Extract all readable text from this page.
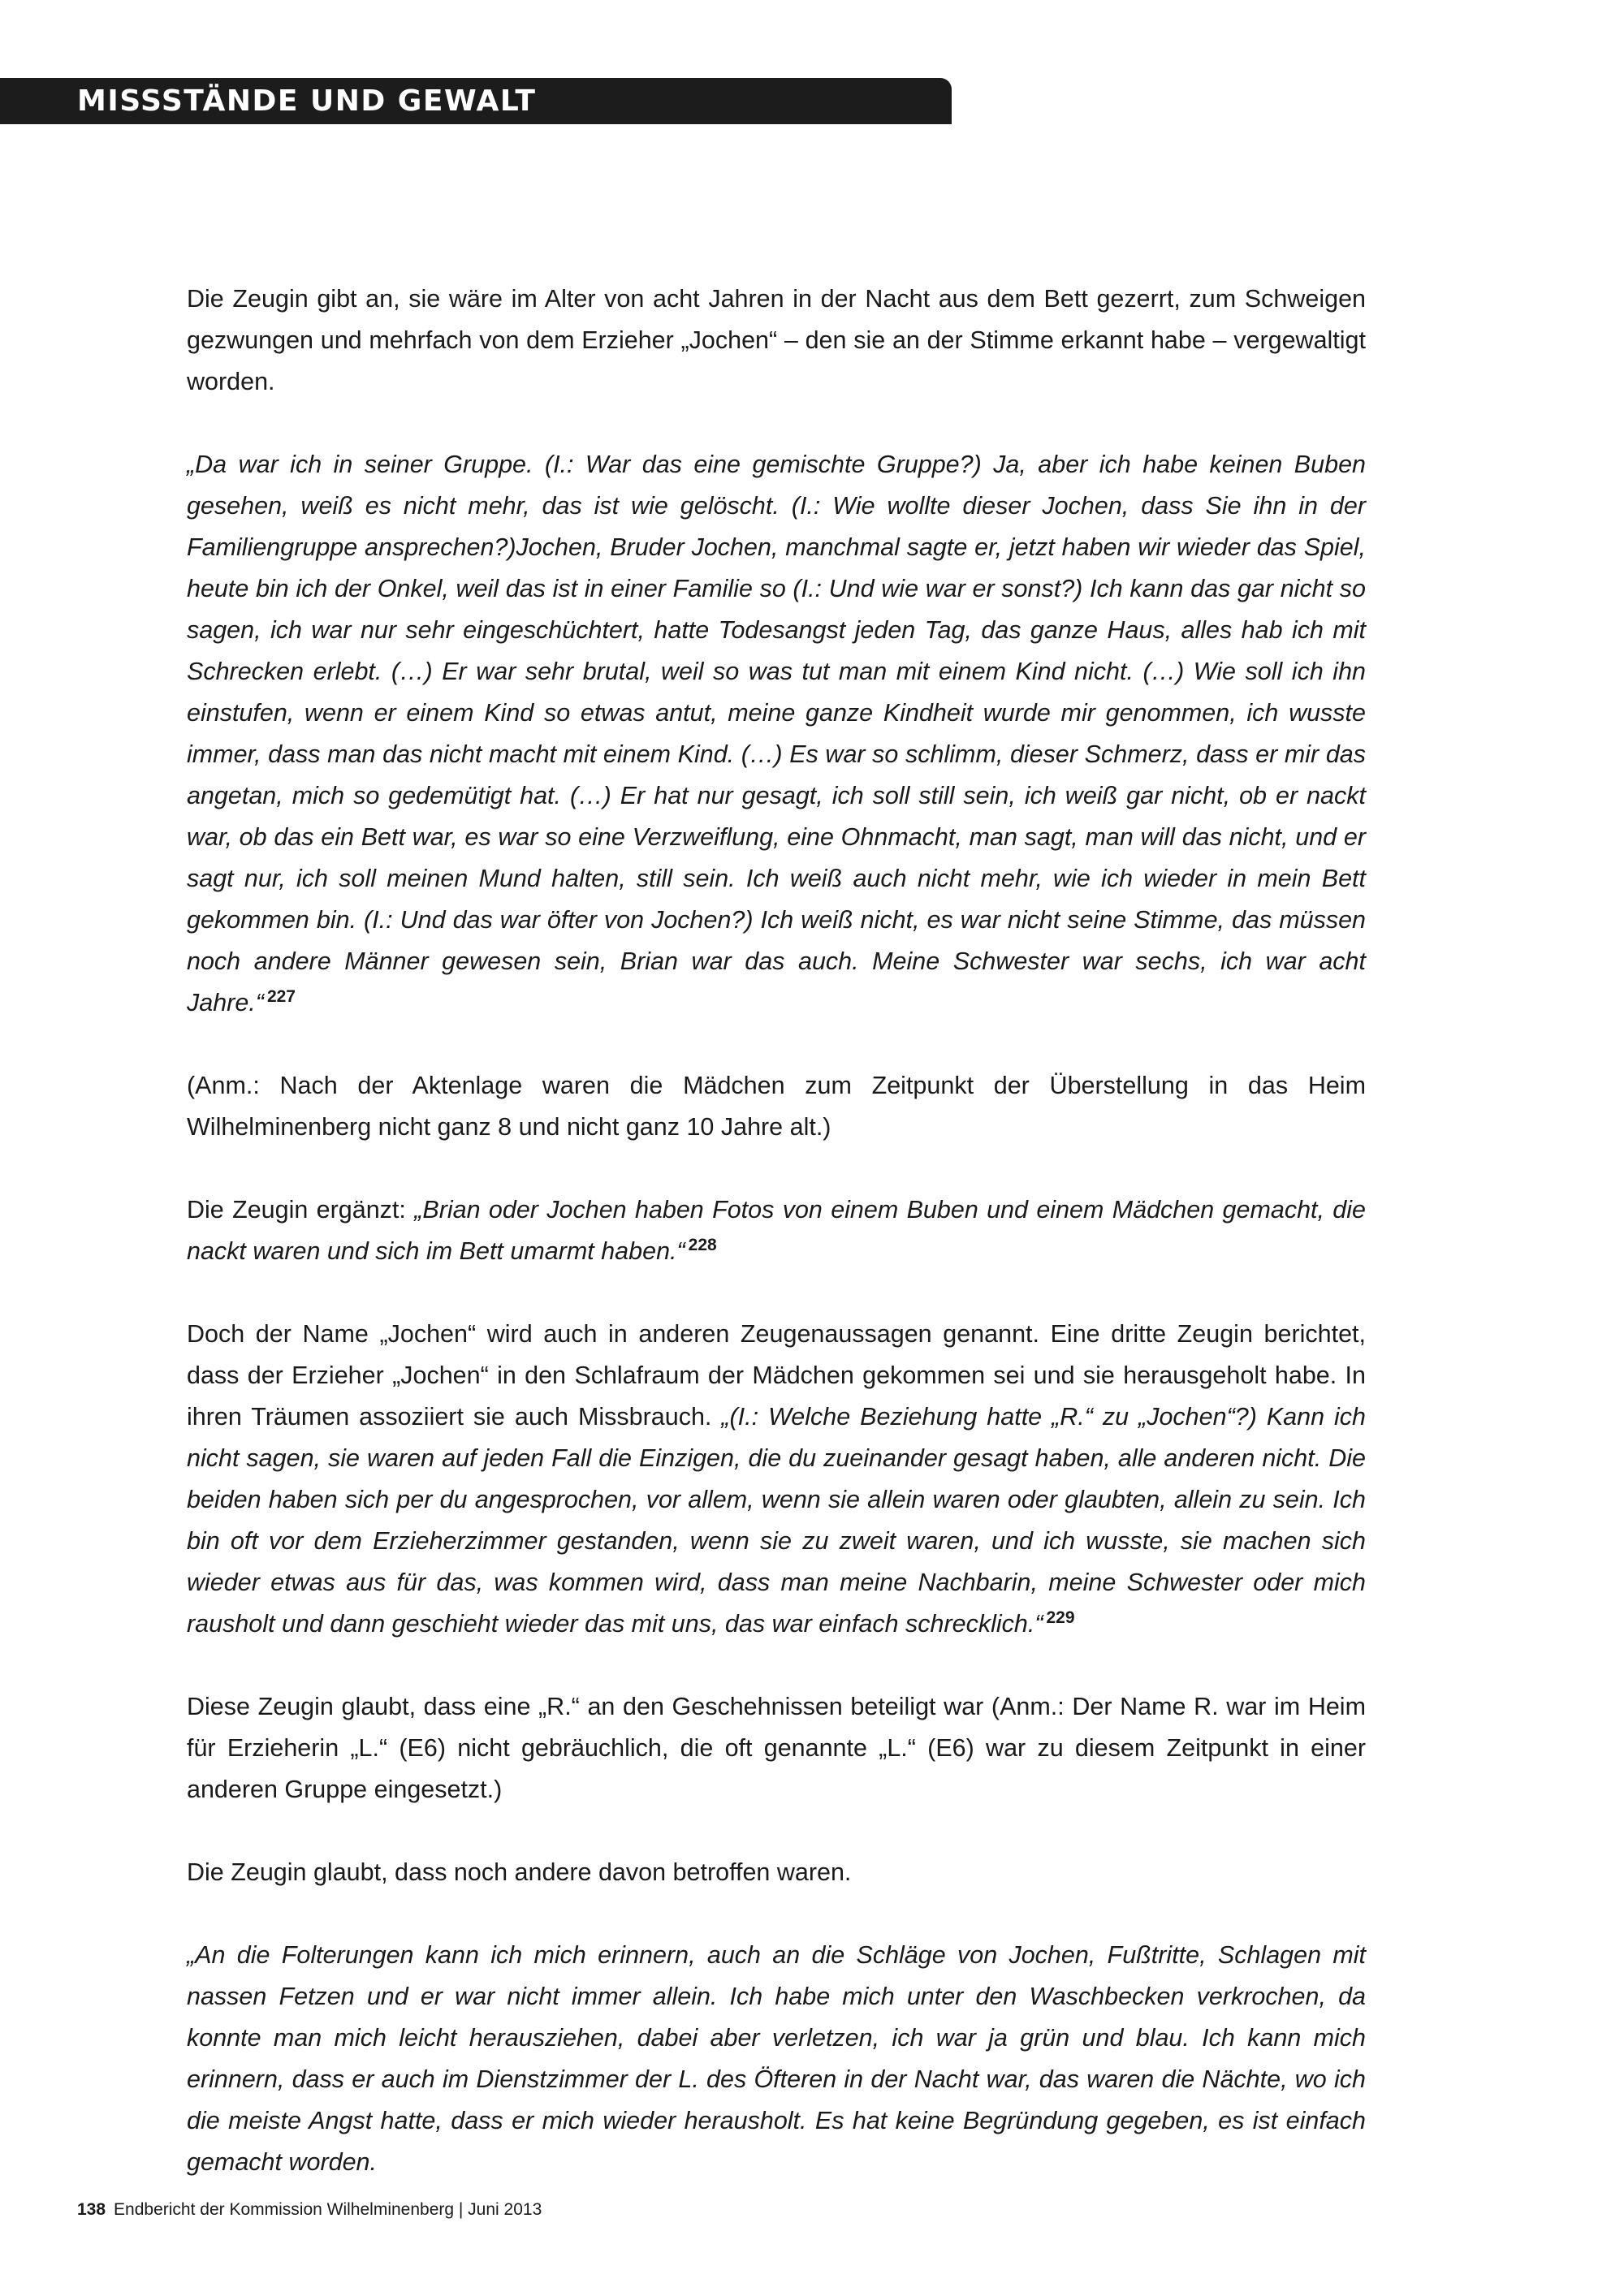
MISSSTÄNDE UND GEWALT

Die Zeugin gibt an, sie wäre im Alter von acht Jahren in der Nacht aus dem Bett gezerrt, zum Schweigen gezwungen und mehrfach von dem Erzieher „Jochen“ – den sie an der Stimme erkannt habe – vergewaltigt worden.

„Da war ich in seiner Gruppe. (I.: War das eine gemischte Gruppe?) Ja, aber ich habe keinen Buben gesehen, weiß es nicht mehr, das ist wie gelöscht. (I.: Wie wollte dieser Jochen, dass Sie ihn in der Familiengruppe ansprechen?)Jochen, Bruder Jochen, manchmal sagte er, jetzt haben wir wieder das Spiel, heute bin ich der Onkel, weil das ist in einer Familie so (I.: Und wie war er sonst?) Ich kann das gar nicht so sagen, ich war nur sehr eingeschüchtert, hatte Todesangst jeden Tag, das ganze Haus, alles hab ich mit Schrecken erlebt. (…) Er war sehr brutal, weil so was tut man mit einem Kind nicht. (…) Wie soll ich ihn einstufen, wenn er einem Kind so etwas antut, meine ganze Kindheit wurde mir genommen, ich wusste immer, dass man das nicht macht mit einem Kind. (…) Es war so schlimm, dieser Schmerz, dass er mir das angetan, mich so gedemütigt hat. (…) Er hat nur gesagt, ich soll still sein, ich weiß gar nicht, ob er nackt war, ob das ein Bett war, es war so eine Verzweiflung, eine Ohnmacht, man sagt, man will das nicht, und er sagt nur, ich soll meinen Mund halten, still sein. Ich weiß auch nicht mehr, wie ich wieder in mein Bett gekommen bin. (I.: Und das war öfter von Jochen?) Ich weiß nicht, es war nicht seine Stimme, das müssen noch andere Männer gewesen sein, Brian war das auch. Meine Schwester war sechs, ich war acht Jahre.“ $^{227}$

(Anm.: Nach der Aktenlage waren die Mädchen zum Zeitpunkt der Überstellung in das Heim Wilhelminenberg nicht ganz 8 und nicht ganz 10 Jahre alt.)

Die Zeugin ergänzt: „Brian oder Jochen haben Fotos von einem Buben und einem Mädchen gemacht, die nackt waren und sich im Bett umarmt haben.“ $^{228}$

Doch der Name „Jochen“ wird auch in anderen Zeugenaussagen genannt. Eine dritte Zeugin berichtet, dass der Erzieher „Jochen“ in den Schlafraum der Mädchen gekommen sei und sie herausgeholt habe. In ihren Träumen assoziiert sie auch Missbrauch. „(I.: Welche Beziehung hatte „R.“ zu „Jochen“?) Kann ich nicht sagen, sie waren auf jeden Fall die Einzigen, die du zueinander gesagt haben, alle anderen nicht. Die beiden haben sich per du angesprochen, vor allem, wenn sie allein waren oder glaubten, allein zu sein. Ich bin oft vor dem Erzieherzimmer gestanden, wenn sie zu zweit waren, und ich wusste, sie machen sich wieder etwas aus für das, was kommen wird, dass man meine Nachbarin, meine Schwester oder mich rausholt und dann geschieht wieder das mit uns, das war einfach schrecklich.“ $^{229}$

Diese Zeugin glaubt, dass eine „R.“ an den Geschehnissen beteiligt war (Anm.: Der Name R. war im Heim für Erzieherin „L.“ (E6) nicht gebräuchlich, die oft genannte „L.“ (E6) war zu diesem Zeitpunkt in einer anderen Gruppe eingesetzt.)

Die Zeugin glaubt, dass noch andere davon betroffen waren.

„An die Folterungen kann ich mich erinnern, auch an die Schläge von Jochen, Fußtritte, Schlagen mit nassen Fetzen und er war nicht immer allein. Ich habe mich unter den Waschbecken verkrochen, da konnte man mich leicht herausziehen, dabei aber verletzen, ich war ja grün und blau. Ich kann mich erinnern, dass er auch im Dienstzimmer der L. des Öfteren in der Nacht war, das waren die Nächte, wo ich die meiste Angst hatte, dass er mich wieder herausholt. Es hat keine Begründung gegeben, es ist einfach gemacht worden.

138 Endbericht der Kommission Wilhelminenberg | Juni 2013
